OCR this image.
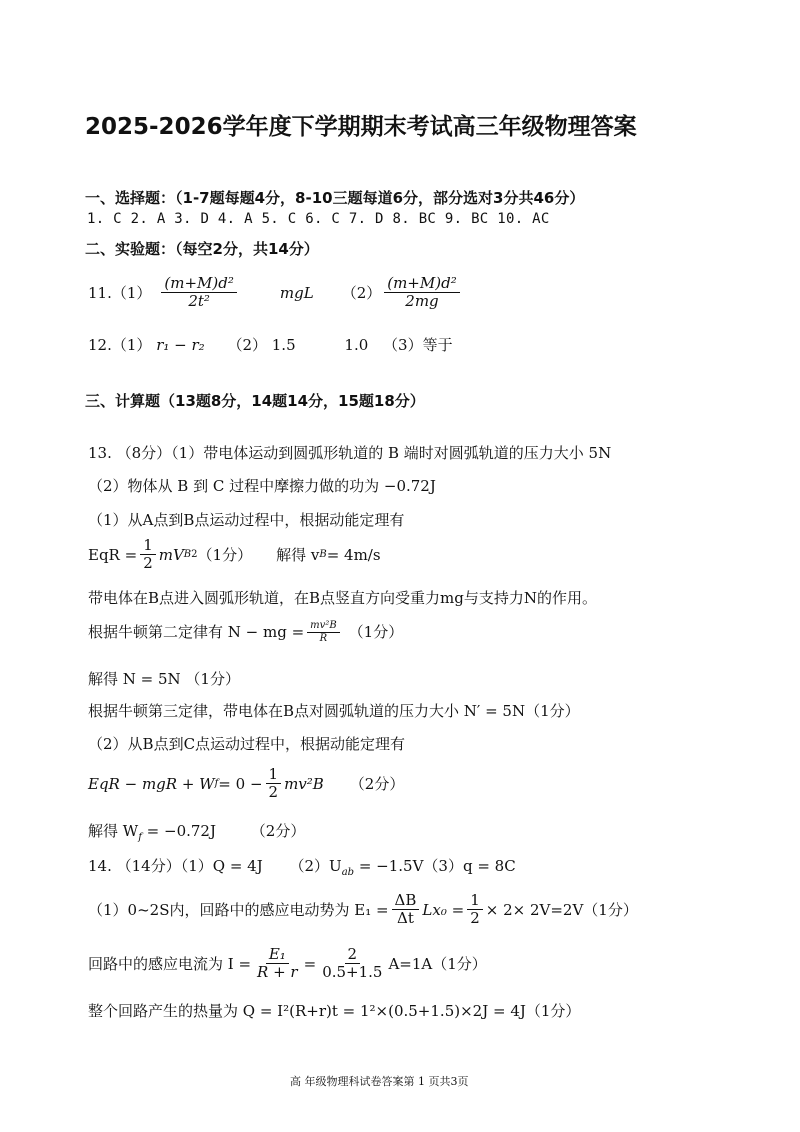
2025-2026学年度下学期期末考试高三年级物理答案
一、选择题：（1-7题每题4分，8-10三题每道6分，部分选对3分共46分）
1. C 2. A 3. D 4. A 5. C 6. C 7. D 8. BC 9. BC 10. AC
二、实验题：（每空2分，共14分）
$11.(1) \frac{\text{(m+M)d²}}{\text{2t²}}$	mgL $(2) \frac{\text{(m+M)d²}}{2mg}$
12.（1） r₁ − r₂ （2） 1.5	1.0 （3）等于
三、计算题（13题8分，14题14分，15题18分）
13. （8分）（1）带电体运动到圆弧形轨道的 B 端时对圆弧轨道的压力大小 5N
（2）物体从 B 到 C 过程中摩擦力做的功为 −0.72J
（1）从A点到B点运动过程中，根据动能定理有
EqR = $\frac{1}{2}$ mV B 2 （1分） 解得 v B = 4m/s
带电体在B点进入圆弧形轨道，在B点竖直方向受重力mg与支持力N的作用。
根据牛顿第二定律有 N − mg = $\frac{\text{mv²B}}{R} (1$分）
解得 N = 5N （1分）
根据牛顿第三定律，带电体在B点对圆弧轨道的压力大小 N′ = 5N（1分）
（2）从B点到C点运动过程中，根据动能定理有
EqR − mgR + W $f = 0 - \frac{1}{2} mv^2B$ （2分）
解得 $W_f = -0.72J$ （2分）
14. （14分）（1）Q = 4J $(2)U_{ab} = -1.5V(3)q = 8C$
（1）0~2S内，回路中的感应电动势为 $E_1 = \frac{\Delta B}{\Delta t} Lx_0 = \frac{1}{2} \times 2\times 2V=2V(1$分）
回路中的感应电流为 $I = \frac{\text{E₁}}{R + r} = \frac{2}{0.5+1.5} A=1A(1$分）
整个回路产生的热量为 Q = I²(R+r)t = 1²×(0.5+1.5)×2J = 4J（1分）
高 年级物理科试卷答案第 1 页共3页
